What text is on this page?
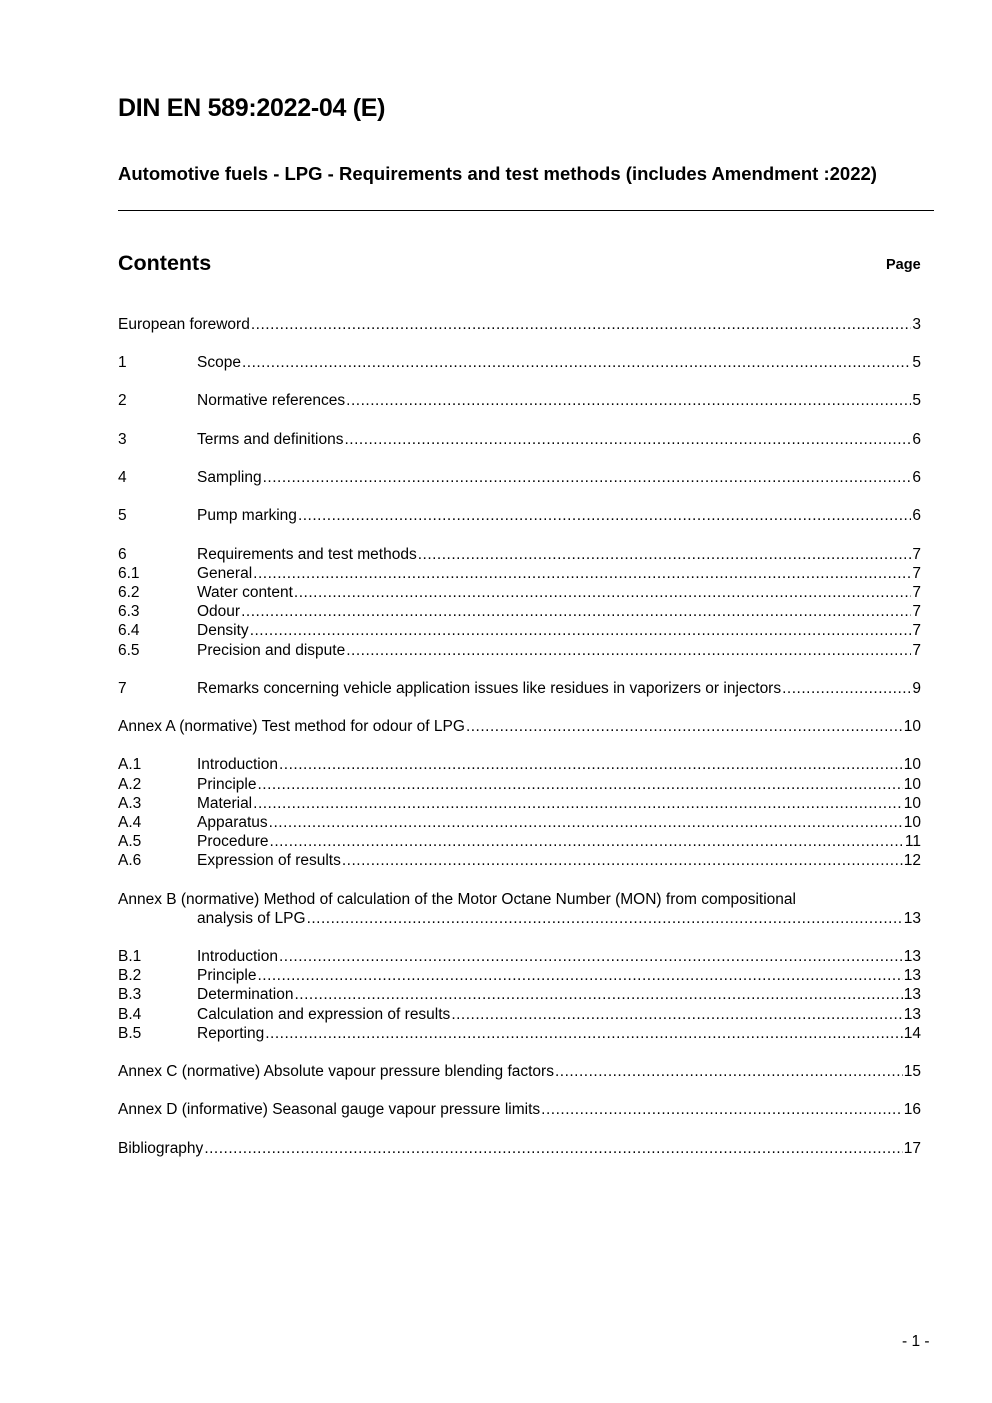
DIN EN 589:2022-04 (E)
Automotive fuels - LPG - Requirements and test methods (includes Amendment :2022)
Contents	Page
European foreword .....	3
1	Scope .....	5
2	Normative references .....	5
3	Terms and definitions .....	6
4	Sampling .....	6
5	Pump marking .....	6
6	Requirements and test methods .....	7
6.1	General .....	7
6.2	Water content .....	7
6.3	Odour .....	7
6.4	Density .....	7
6.5	Precision and dispute .....	7
7	Remarks concerning vehicle application issues like residues in vaporizers or injectors .....	9
Annex A (normative) Test method for odour of LPG .....	10
A.1	Introduction .....	10
A.2	Principle .....	10
A.3	Material .....	10
A.4	Apparatus .....	10
A.5	Procedure .....	11
A.6	Expression of results .....	12
Annex B (normative) Method of calculation of the Motor Octane Number (MON) from compositional
analysis of LPG .....	13
B.1	Introduction .....	13
B.2	Principle .....	13
B.3	Determination .....	13
B.4	Calculation and expression of results .....	13
B.5	Reporting .....	14
Annex C (normative) Absolute vapour pressure blending factors .....	15
Annex D (informative) Seasonal gauge vapour pressure limits .....	16
Bibliography .....	17
- 1 -
